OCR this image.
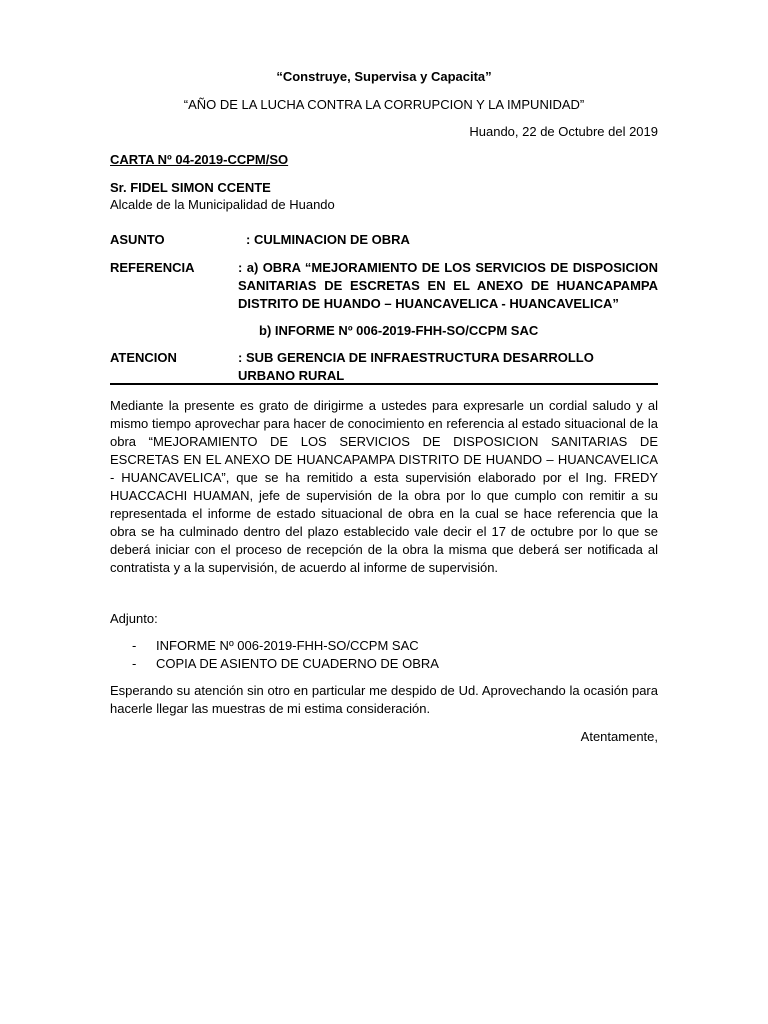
“Construye, Supervisa y Capacita”
“AÑO DE LA LUCHA CONTRA LA CORRUPCION Y LA IMPUNIDAD”
Huando, 22 de Octubre del 2019
CARTA Nº 04-2019-CCPM/SO
Sr. FIDEL SIMON CCENTE
Alcalde de la Municipalidad de Huando
ASUNTO	: CULMINACION DE OBRA
REFERENCIA	: a) OBRA “MEJORAMIENTO DE LOS SERVICIOS DE DISPOSICION SANITARIAS DE ESCRETAS EN EL ANEXO DE HUANCAPAMPA DISTRITO DE HUANDO – HUANCAVELICA - HUANCAVELICA”
b) INFORME Nº 006-2019-FHH-SO/CCPM SAC
ATENCION	: SUB GERENCIA DE INFRAESTRUCTURA DESARROLLO URBANO RURAL
Mediante la presente es grato de dirigirme a ustedes para expresarle un cordial saludo y al mismo tiempo aprovechar para hacer de conocimiento en referencia al estado situacional de la obra “MEJORAMIENTO DE LOS SERVICIOS DE DISPOSICION SANITARIAS DE ESCRETAS EN EL ANEXO DE HUANCAPAMPA DISTRITO DE HUANDO – HUANCAVELICA - HUANCAVELICA”, que se ha remitido a esta supervisión elaborado por el Ing. FREDY HUACCACHI HUAMAN, jefe de supervisión de la obra por lo que cumplo con remitir a su representada el informe de estado situacional de obra en la cual se hace referencia que la obra se ha culminado dentro del plazo establecido vale decir el 17 de octubre por lo que se deberá iniciar con el proceso de recepción de la obra la misma que deberá ser notificada al contratista y a la supervisión, de acuerdo al informe de supervisión.
Adjunto:
- INFORME Nº 006-2019-FHH-SO/CCPM SAC
- COPIA DE ASIENTO DE CUADERNO DE OBRA
Esperando su atención sin otro en particular me despido de Ud. Aprovechando la ocasión para hacerle llegar las muestras de mi estima consideración.
Atentamente,
